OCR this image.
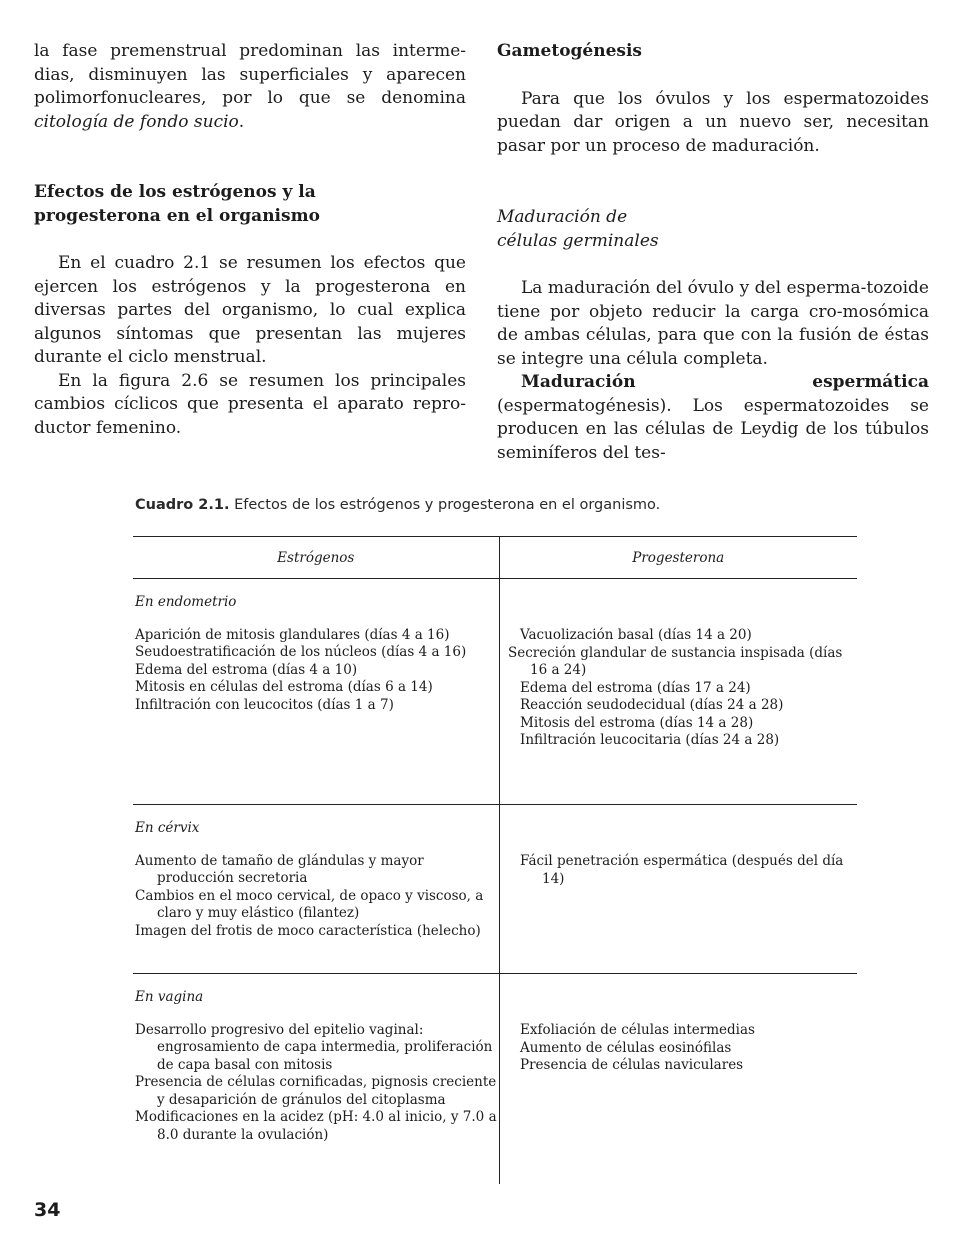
la fase premenstrual predominan las interme-dias, disminuyen las superficiales y aparecen polimorfonucleares, por lo que se denomina citología de fondo sucio.

Efectos de los estrógenos y la
progesterona en el organismo

En el cuadro 2.1 se resumen los efectos que ejercen los estrógenos y la progesterona en diversas partes del organismo, lo cual explica algunos síntomas que presentan las mujeres durante el ciclo menstrual.

En la figura 2.6 se resumen los principales cambios cíclicos que presenta el aparato repro-ductor femenino.

Gametogénesis

Para que los óvulos y los espermatozoides puedan dar origen a un nuevo ser, necesitan pasar por un proceso de maduración.

Maduración de
células germinales

La maduración del óvulo y del esperma-tozoide tiene por objeto reducir la carga cro-mosómica de ambas células, para que con la fusión de éstas se integre una célula completa.

Maduración espermática (espermatogénesis). Los espermatozoides se producen en las células de Leydig de los túbulos seminíferos del tes-

Cuadro 2.1. Efectos de los estrógenos y progesterona en el organismo.
Estrógenos	Progesterona
En endometrio
Aparición de mitosis glandulares (días 4 a 16)
Seudoestratificación de los núcleos (días 4 a 16)
Edema del estroma (días 4 a 10)
Mitosis en células del estroma (días 6 a 14)
Infiltración con leucocitos (días 1 a 7)
Vacuolización basal (días 14 a 20)
Secreción glandular de sustancia inspisada (días 16 a 24)
Edema del estroma (días 17 a 24)
Reacción seudodecidual (días 24 a 28)
Mitosis del estroma (días 14 a 28)
Infiltración leucocitaria (días 24 a 28)
En cérvix
Aumento de tamaño de glándulas y mayor producción secretoria
Cambios en el moco cervical, de opaco y viscoso, a claro y muy elástico (filantez)
Imagen del frotis de moco característica (helecho)
Fácil penetración espermática (después del día 14)
En vagina
Desarrollo progresivo del epitelio vaginal: engrosamiento de capa intermedia, proliferación de capa basal con mitosis
Presencia de células cornificadas, pignosis creciente y desaparición de gránulos del citoplasma
Modificaciones en la acidez (pH: 4.0 al inicio, y 7.0 a 8.0 durante la ovulación)
Exfoliación de células intermedias
Aumento de células eosinófilas
Presencia de células naviculares
34
